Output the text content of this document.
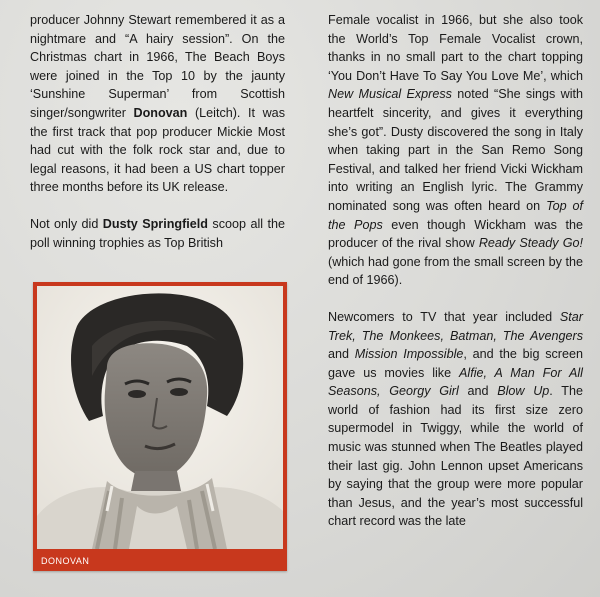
producer Johnny Stewart remembered it as a nightmare and “A hairy session”. On the Christmas chart in 1966, The Beach Boys were joined in the Top 10 by the jaunty ‘Sunshine Superman’ from Scottish singer/songwriter Donovan (Leitch). It was the first track that pop producer Mickie Most had cut with the folk rock star and, due to legal reasons, it had been a US chart topper three months before its UK release.

Not only did Dusty Springfield scoop all the poll winning trophies as Top British

DONOVAN

Female vocalist in 1966, but she also took the World’s Top Female Vocalist crown, thanks in no small part to the chart topping ‘You Don’t Have To Say You Love Me’, which New Musical Express noted “She sings with heartfelt sincerity, and gives it everything she’s got”. Dusty discovered the song in Italy when taking part in the San Remo Song Festival, and talked her friend Vicki Wickham into writing an English lyric. The Grammy nominated song was often heard on Top of the Pops even though Wickham was the producer of the rival show Ready Steady Go! (which had gone from the small screen by the end of 1966).

Newcomers to TV that year included Star Trek, The Monkees, Batman, The Avengers and Mission Impossible, and the big screen gave us movies like Alfie, A Man For All Seasons, Georgy Girl and Blow Up. The world of fashion had its first size zero supermodel in Twiggy, while the world of music was stunned when The Beatles played their last gig. John Lennon upset Americans by saying that the group were more popular than Jesus, and the year’s most successful chart record was the late
